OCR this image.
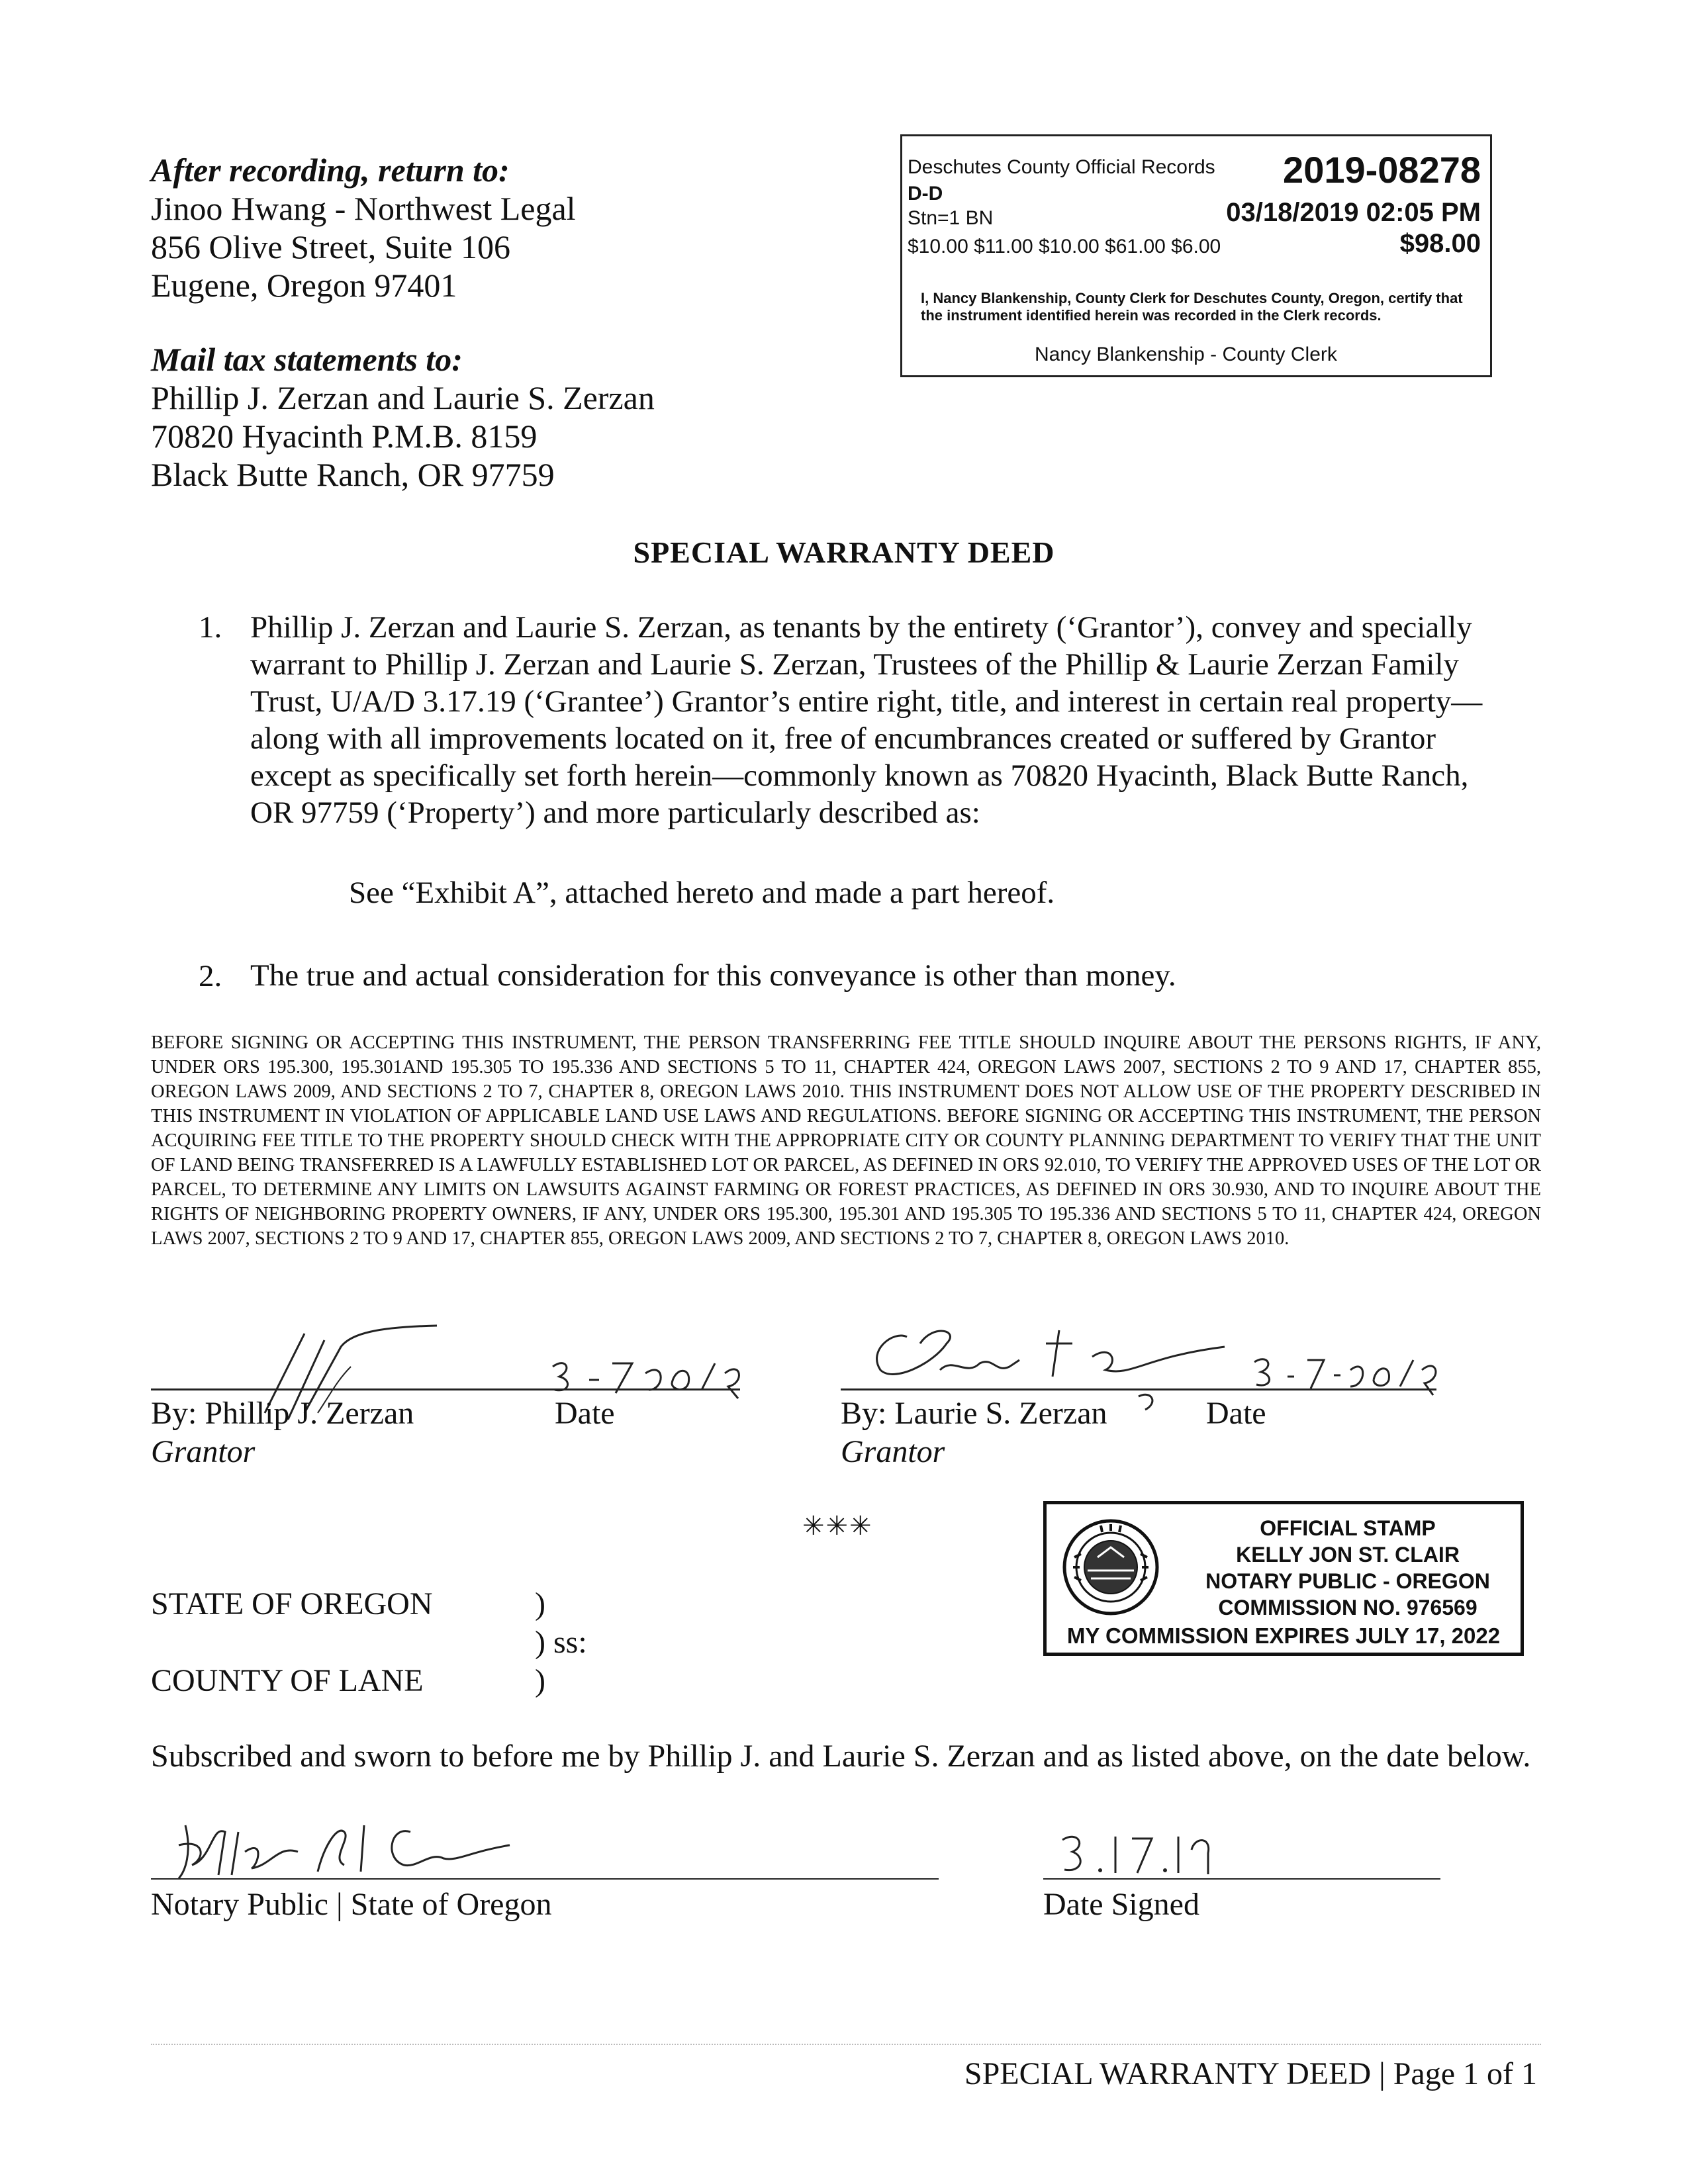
After recording, return to:
Jinoo Hwang - Northwest Legal
856 Olive Street, Suite 106
Eugene, Oregon 97401
Mail tax statements to:
Phillip J. Zerzan and Laurie S. Zerzan
70820 Hyacinth P.M.B. 8159
Black Butte Ranch, OR 97759
Deschutes County Official Records 2019-08278
D-D
Stn=1 BN	03/18/2019 02:05 PM
$10.00 $11.00 $10.00 $61.00 $6.00	$98.00
I, Nancy Blankenship, County Clerk for Deschutes County, Oregon, certify that the instrument identified herein was recorded in the Clerk records.
Nancy Blankenship - County Clerk
SPECIAL WARRANTY DEED
1. Phillip J. Zerzan and Laurie S. Zerzan, as tenants by the entirety (‘Grantor’), convey and specially warrant to Phillip J. Zerzan and Laurie S. Zerzan, Trustees of the Phillip & Laurie Zerzan Family Trust, U/A/D 3.17.19 (‘Grantee’) Grantor’s entire right, title, and interest in certain real property—along with all improvements located on it, free of encumbrances created or suffered by Grantor except as specifically set forth herein—commonly known as 70820 Hyacinth, Black Butte Ranch, OR 97759 (‘Property’) and more particularly described as:
See “Exhibit A”, attached hereto and made a part hereof.
2. The true and actual consideration for this conveyance is other than money.
BEFORE SIGNING OR ACCEPTING THIS INSTRUMENT, THE PERSON TRANSFERRING FEE TITLE SHOULD INQUIRE ABOUT THE PERSONS RIGHTS, IF ANY, UNDER ORS 195.300, 195.301AND 195.305 TO 195.336 AND SECTIONS 5 TO 11, CHAPTER 424, OREGON LAWS 2007, SECTIONS 2 TO 9 AND 17, CHAPTER 855, OREGON LAWS 2009, AND SECTIONS 2 TO 7, CHAPTER 8, OREGON LAWS 2010. THIS INSTRUMENT DOES NOT ALLOW USE OF THE PROPERTY DESCRIBED IN THIS INSTRUMENT IN VIOLATION OF APPLICABLE LAND USE LAWS AND REGULATIONS. BEFORE SIGNING OR ACCEPTING THIS INSTRUMENT, THE PERSON ACQUIRING FEE TITLE TO THE PROPERTY SHOULD CHECK WITH THE APPROPRIATE CITY OR COUNTY PLANNING DEPARTMENT TO VERIFY THAT THE UNIT OF LAND BEING TRANSFERRED IS A LAWFULLY ESTABLISHED LOT OR PARCEL, AS DEFINED IN ORS 92.010, TO VERIFY THE APPROVED USES OF THE LOT OR PARCEL, TO DETERMINE ANY LIMITS ON LAWSUITS AGAINST FARMING OR FOREST PRACTICES, AS DEFINED IN ORS 30.930, AND TO INQUIRE ABOUT THE RIGHTS OF NEIGHBORING PROPERTY OWNERS, IF ANY, UNDER ORS 195.300, 195.301 AND 195.305 TO 195.336 AND SECTIONS 5 TO 11, CHAPTER 424, OREGON LAWS 2007, SECTIONS 2 TO 9 AND 17, CHAPTER 855, OREGON LAWS 2009, AND SECTIONS 2 TO 7, CHAPTER 8, OREGON LAWS 2010.
By: Phillip J. Zerzan	Date
Grantor
By: Laurie S. Zerzan	Date
Grantor
✳✳✳	OFFICIAL STAMP
KELLY JON ST. CLAIR
NOTARY PUBLIC - OREGON
COMMISSION NO. 976569
MY COMMISSION EXPIRES JULY 17, 2022
STATE OF OREGON	)
) ss:
COUNTY OF LANE	)
Subscribed and sworn to before me by Phillip J. and Laurie S. Zerzan and as listed above, on the date below.
Notary Public | State of Oregon	Date Signed
SPECIAL WARRANTY DEED | Page 1 of 1
